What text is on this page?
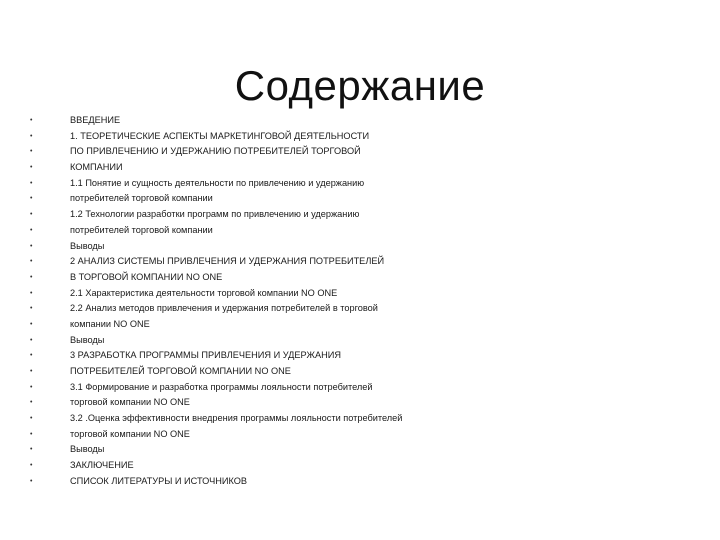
Содержание
•	ВВЕДЕНИЕ
•	1. ТЕОРЕТИЧЕСКИЕ АСПЕКТЫ МАРКЕТИНГОВОЙ ДЕЯТЕЛЬНОСТИ
•	ПО ПРИВЛЕЧЕНИЮ И УДЕРЖАНИЮ ПОТРЕБИТЕЛЕЙ ТОРГОВОЙ
•	КОМПАНИИ
•	1.1 Понятие и сущность деятельности по привлечению и удержанию
•	потребителей торговой компании
•	1.2 Технологии разработки программ по привлечению и удержанию
•	потребителей торговой компании
•	Выводы
•	2 АНАЛИЗ СИСТЕМЫ ПРИВЛЕЧЕНИЯ И УДЕРЖАНИЯ ПОТРЕБИТЕЛЕЙ
•	В ТОРГОВОЙ КОМПАНИИ NO ONE
•	2.1 Характеристика деятельности торговой компании NO ONE
•	2.2 Анализ методов привлечения и удержания потребителей в торговой
•	компании NO ONE
•	Выводы
•	3 РАЗРАБОТКА ПРОГРАММЫ ПРИВЛЕЧЕНИЯ И УДЕРЖАНИЯ
•	ПОТРЕБИТЕЛЕЙ ТОРГОВОЙ КОМПАНИИ NO ONE
•	3.1 Формирование и разработка программы лояльности потребителей
•	торговой компании NO ONE
•	3.2 .Оценка эффективности внедрения программы лояльности потребителей
•	торговой компании NO ONE
•	Выводы
•	ЗАКЛЮЧЕНИЕ
•	СПИСОК ЛИТЕРАТУРЫ И ИСТОЧНИКОВ
